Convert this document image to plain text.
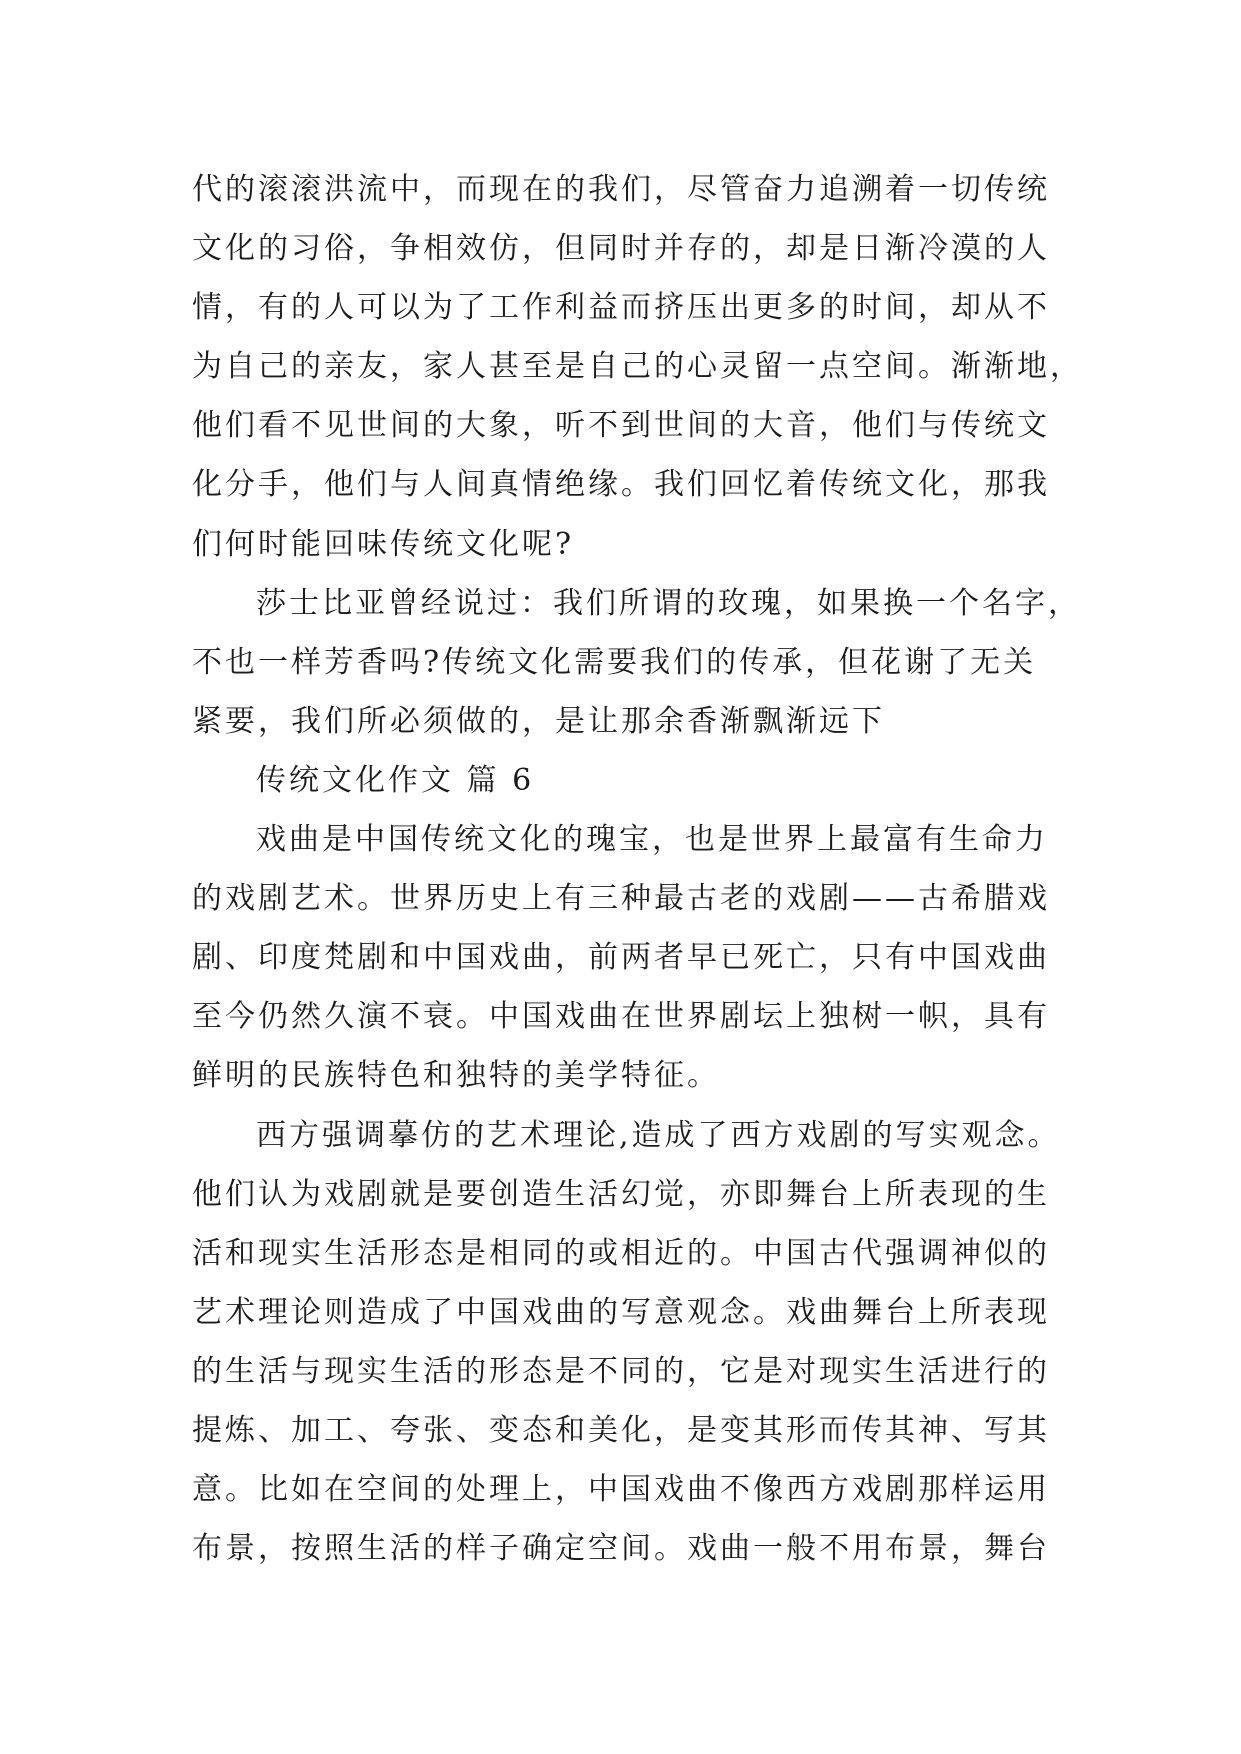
代的滚滚洪流中，而现在的我们，尽管奋力追溯着一切传统
文化的习俗，争相效仿，但同时并存的，却是日渐冷漠的人
情，有的人可以为了工作利益而挤压出更多的时间，却从不
为自己的亲友，家人甚至是自己的心灵留一点空间。渐渐地，
他们看不见世间的大象，听不到世间的大音，他们与传统文
化分手，他们与人间真情绝缘。我们回忆着传统文化，那我
们何时能回味传统文化呢?
莎士比亚曾经说过：我们所谓的玫瑰，如果换一个名字，
不也一样芳香吗?传统文化需要我们的传承，但花谢了无关
紧要，我们所必须做的，是让那余香渐飘渐远下
传统文化作文 篇 6
戏曲是中国传统文化的瑰宝，也是世界上最富有生命力
的戏剧艺术。世界历史上有三种最古老的戏剧——古希腊戏
剧、印度梵剧和中国戏曲，前两者早已死亡，只有中国戏曲
至今仍然久演不衰。中国戏曲在世界剧坛上独树一帜，具有
鲜明的民族特色和独特的美学特征。
西方强调摹仿的艺术理论,造成了西方戏剧的写实观念。
他们认为戏剧就是要创造生活幻觉，亦即舞台上所表现的生
活和现实生活形态是相同的或相近的。中国古代强调神似的
艺术理论则造成了中国戏曲的写意观念。戏曲舞台上所表现
的生活与现实生活的形态是不同的，它是对现实生活进行的
提炼、加工、夸张、变态和美化，是变其形而传其神、写其
意。比如在空间的处理上，中国戏曲不像西方戏剧那样运用
布景，按照生活的样子确定空间。戏曲一般不用布景，舞台
